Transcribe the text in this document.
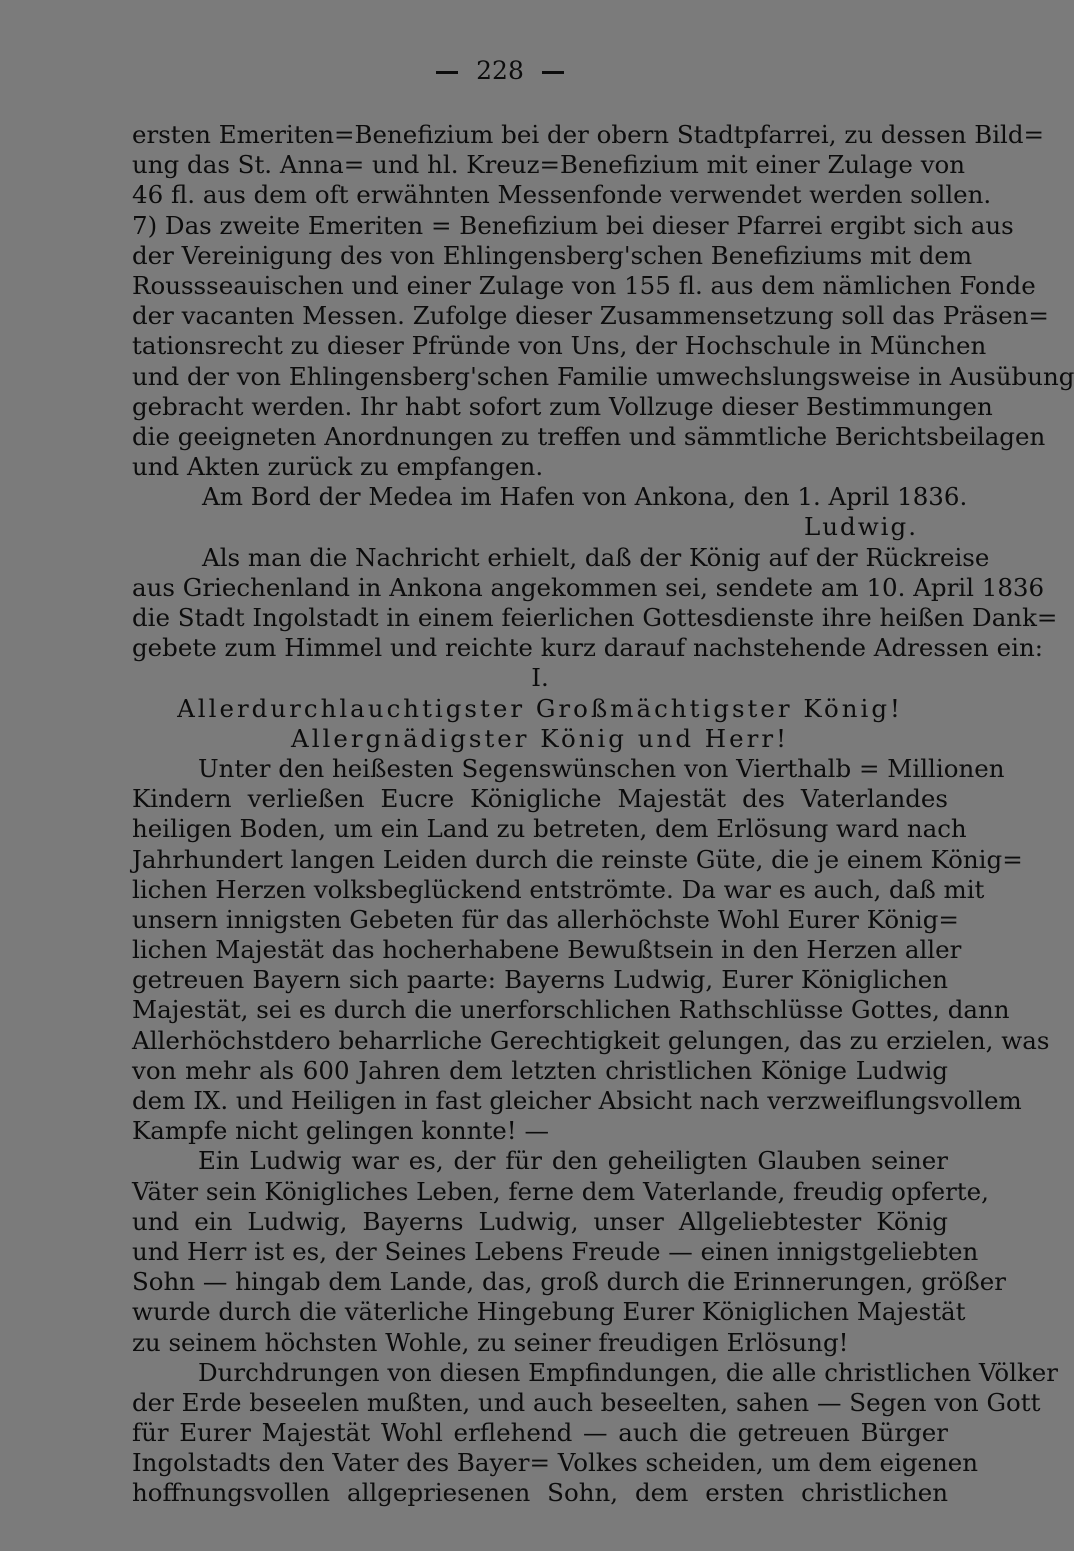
228
ersten Emeriten=Benefizium bei der obern Stadtpfarrei, zu dessen Bild=
ung das St. Anna= und hl. Kreuz=Benefizium mit einer Zulage von
46 fl. aus dem oft erwähnten Messenfonde verwendet werden sollen.
7) Das zweite Emeriten = Benefizium bei dieser Pfarrei ergibt sich aus
der Vereinigung des von Ehlingensberg'schen Benefiziums mit dem
Roussseauischen und einer Zulage von 155 fl. aus dem nämlichen Fonde
der vacanten Messen. Zufolge dieser Zusammensetzung soll das Präsen=
tationsrecht zu dieser Pfründe von Uns, der Hochschule in München
und der von Ehlingensberg'schen Familie umwechslungsweise in Ausübung
gebracht werden. Ihr habt sofort zum Vollzuge dieser Bestimmungen
die geeigneten Anordnungen zu treffen und sämmtliche Berichtsbeilagen
und Akten zurück zu empfangen.
Am Bord der Medea im Hafen von Ankona, den 1. April 1836.
Ludwig.
Als man die Nachricht erhielt, daß der König auf der Rückreise
aus Griechenland in Ankona angekommen sei, sendete am 10. April 1836
die Stadt Ingolstadt in einem feierlichen Gottesdienste ihre heißen Dank=
gebete zum Himmel und reichte kurz darauf nachstehende Adressen ein:
I.
Allerdurchlauchtigster Großmächtigster König!
Allergnädigster König und Herr!
Unter den heißesten Segenswünschen von Vierthalb = Millionen
Kindern verließen Eucre Königliche Majestät des Vaterlandes
heiligen Boden, um ein Land zu betreten, dem Erlösung ward nach
Jahrhundert langen Leiden durch die reinste Güte, die je einem König=
lichen Herzen volksbeglückend entströmte. Da war es auch, daß mit
unsern innigsten Gebeten für das allerhöchste Wohl Eurer König=
lichen Majestät das hocherhabene Bewußtsein in den Herzen aller
getreuen Bayern sich paarte: Bayerns Ludwig, Eurer Königlichen
Majestät, sei es durch die unerforschlichen Rathschlüsse Gottes, dann
Allerhöchstdero beharrliche Gerechtigkeit gelungen, das zu erzielen, was
von mehr als 600 Jahren dem letzten christlichen Könige Ludwig
dem IX. und Heiligen in fast gleicher Absicht nach verzweiflungsvollem
Kampfe nicht gelingen konnte! —
Ein Ludwig war es, der für den geheiligten Glauben seiner
Väter sein Königliches Leben, ferne dem Vaterlande, freudig opferte,
und ein Ludwig, Bayerns Ludwig, unser Allgeliebtester König
und Herr ist es, der Seines Lebens Freude — einen innigstgeliebten
Sohn — hingab dem Lande, das, groß durch die Erinnerungen, größer
wurde durch die väterliche Hingebung Eurer Königlichen Majestät
zu seinem höchsten Wohle, zu seiner freudigen Erlösung!
Durchdrungen von diesen Empfindungen, die alle christlichen Völker
der Erde beseelen mußten, und auch beseelten, sahen — Segen von Gott
für Eurer Majestät Wohl erflehend — auch die getreuen Bürger
Ingolstadts den Vater des Bayer= Volkes scheiden, um dem eigenen
hoffnungsvollen allgepriesenen Sohn, dem ersten christlichen
